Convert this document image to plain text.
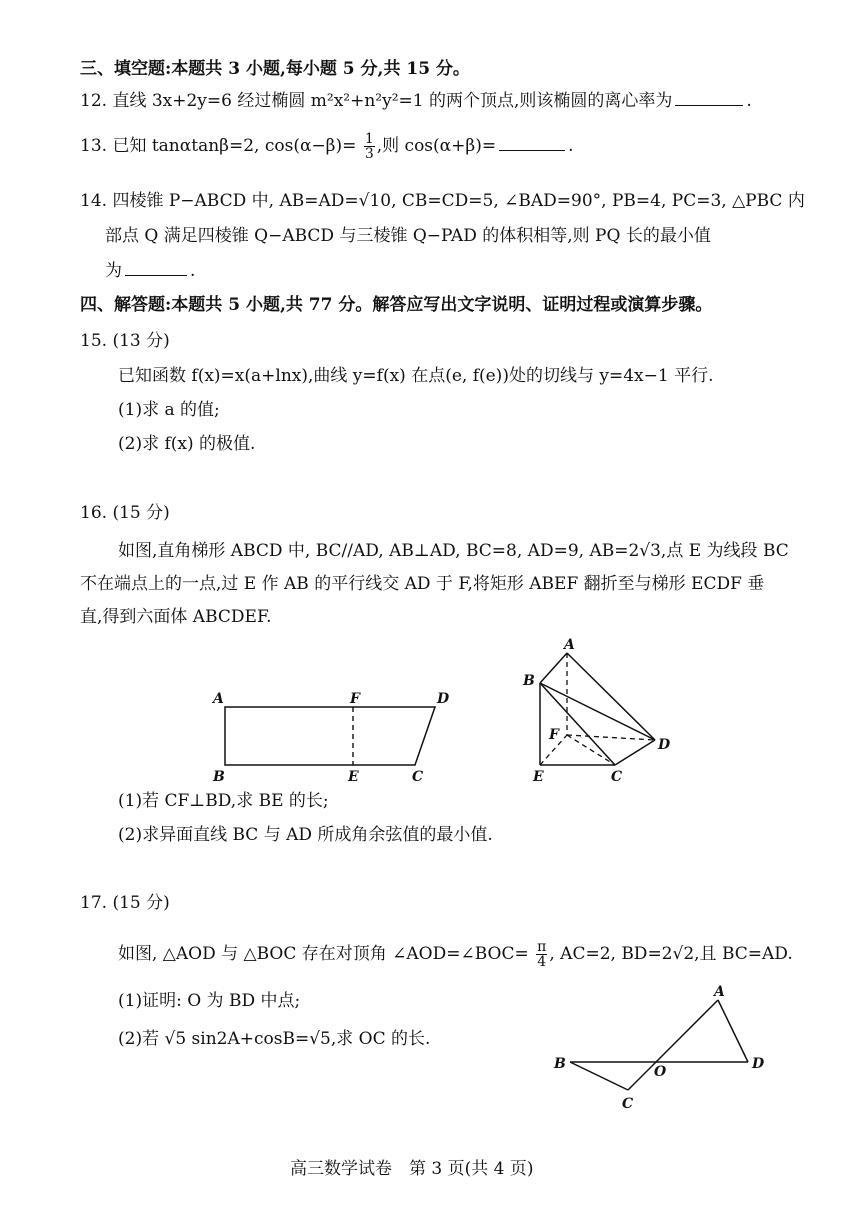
三、填空题:本题共 3 小题,每小题 5 分,共 15 分。
12. 直线 3x+2y=6 经过椭圆 m²x²+n²y²=1 的两个顶点,则该椭圆的离心率为	.
13. 已知 tanαtanβ=2, $\cos(\alpha-\beta)= \frac{1}{3}$ ,则 cos(α+β)=	.
14. 四棱锥 P−ABCD 中, AB=AD=√10, CB=CD=5, ∠BAD=90°, PB=4, PC=3, △PBC 内
部点 Q 满足四棱锥 Q−ABCD 与三棱锥 Q−PAD 的体积相等,则 PQ 长的最小值
为	.
四、解答题:本题共 5 小题,共 77 分。解答应写出文字说明、证明过程或演算步骤。
15. (13 分)
已知函数 f(x)=x(a+lnx),曲线 y=f(x) 在点(e, f(e))处的切线与 y=4x−1 平行.
(1)求 a 的值;
(2)求 f(x) 的极值.
16. (15 分)
如图,直角梯形 ABCD 中, BC//AD, AB⊥AD, BC=8, AD=9, AB=2√3,点 E 为线段 BC
不在端点上的一点,过 E 作 AB 的平行线交 AD 于 F,将矩形 ABEF 翻折至与梯形 ECDF 垂
直,得到六面体 ABCDEF.
A	F	D
B	E	C
A
B
F
D
E	C
(1)若 CF⊥BD,求 BE 的长;
(2)求异面直线 BC 与 AD 所成角余弦值的最小值.
17. (15 分)
如图, △AOD 与 △BOC 存在对顶角 ∠AOD=∠BOC= $\frac{\pi}{4}$ , AC=2, BD=2√2,且 BC=AD.
(1)证明: O 为 BD 中点;
(2)若 √5 sin2A+cosB=√5,求 OC 的长.
A
B	O	D
C
高三数学试卷　第 3 页(共 4 页)
